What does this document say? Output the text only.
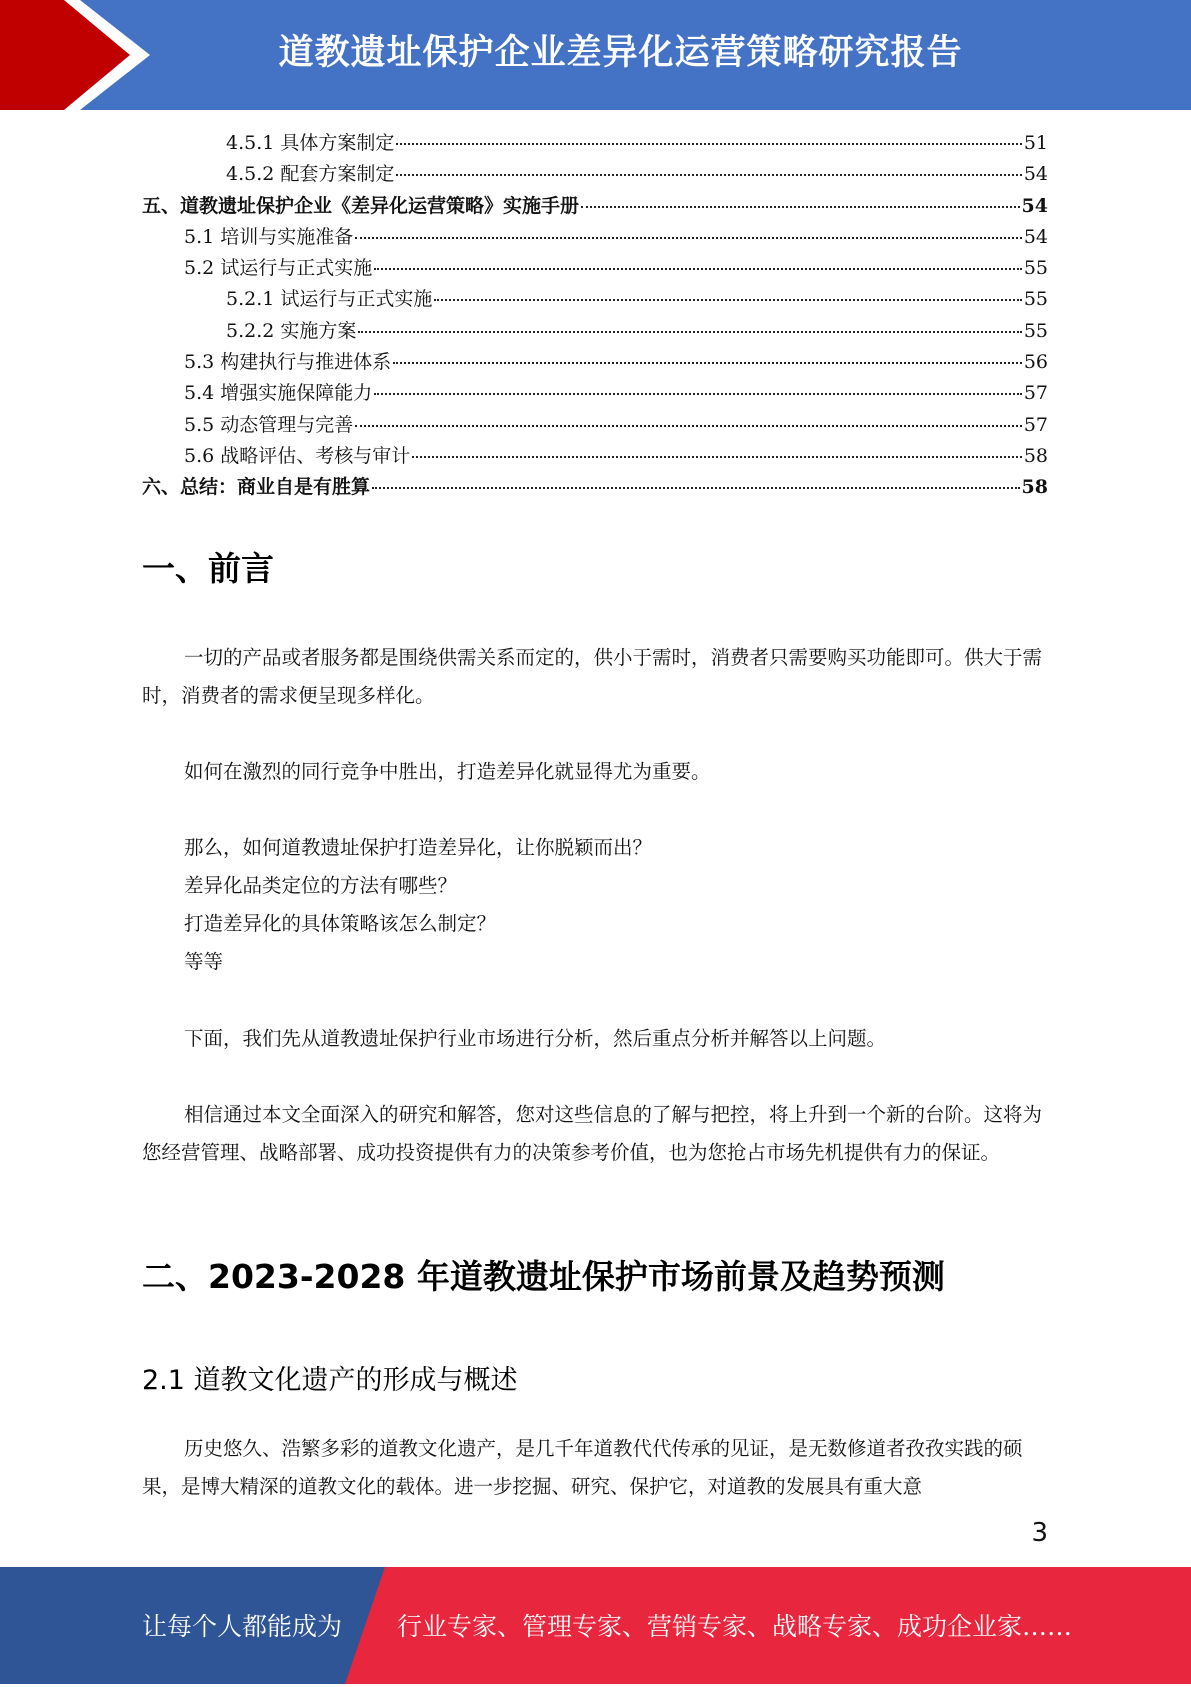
道教遗址保护企业差异化运营策略研究报告
4.5.1 具体方案制定	51
4.5.2 配套方案制定	54
五、道教遗址保护企业《差异化运营策略》实施手册	54
5.1 培训与实施准备	54
5.2 试运行与正式实施	55
5.2.1 试运行与正式实施	55
5.2.2 实施方案	55
5.3 构建执行与推进体系	56
5.4 增强实施保障能力	57
5.5 动态管理与完善	57
5.6 战略评估、考核与审计	58
六、总结：商业自是有胜算	58
一、前言
一切的产品或者服务都是围绕供需关系而定的，供小于需时，消费者只需要购买功能即可。供大于需时，消费者的需求便呈现多样化。
如何在激烈的同行竞争中胜出，打造差异化就显得尤为重要。
那么，如何道教遗址保护打造差异化，让你脱颖而出？
差异化品类定位的方法有哪些？
打造差异化的具体策略该怎么制定？
等等
下面，我们先从道教遗址保护行业市场进行分析，然后重点分析并解答以上问题。
相信通过本文全面深入的研究和解答，您对这些信息的了解与把控，将上升到一个新的台阶。这将为您经营管理、战略部署、成功投资提供有力的决策参考价值，也为您抢占市场先机提供有力的保证。
二、2023-2028 年道教遗址保护市场前景及趋势预测
2.1 道教文化遗产的形成与概述
历史悠久、浩繁多彩的道教文化遗产，是几千年道教代代传承的见证，是无数修道者孜孜实践的硕果，是博大精深的道教文化的载体。进一步挖掘、研究、保护它，对道教的发展具有重大意
3
让每个人都能成为 行业专家、管理专家、营销专家、战略专家、成功企业家……
